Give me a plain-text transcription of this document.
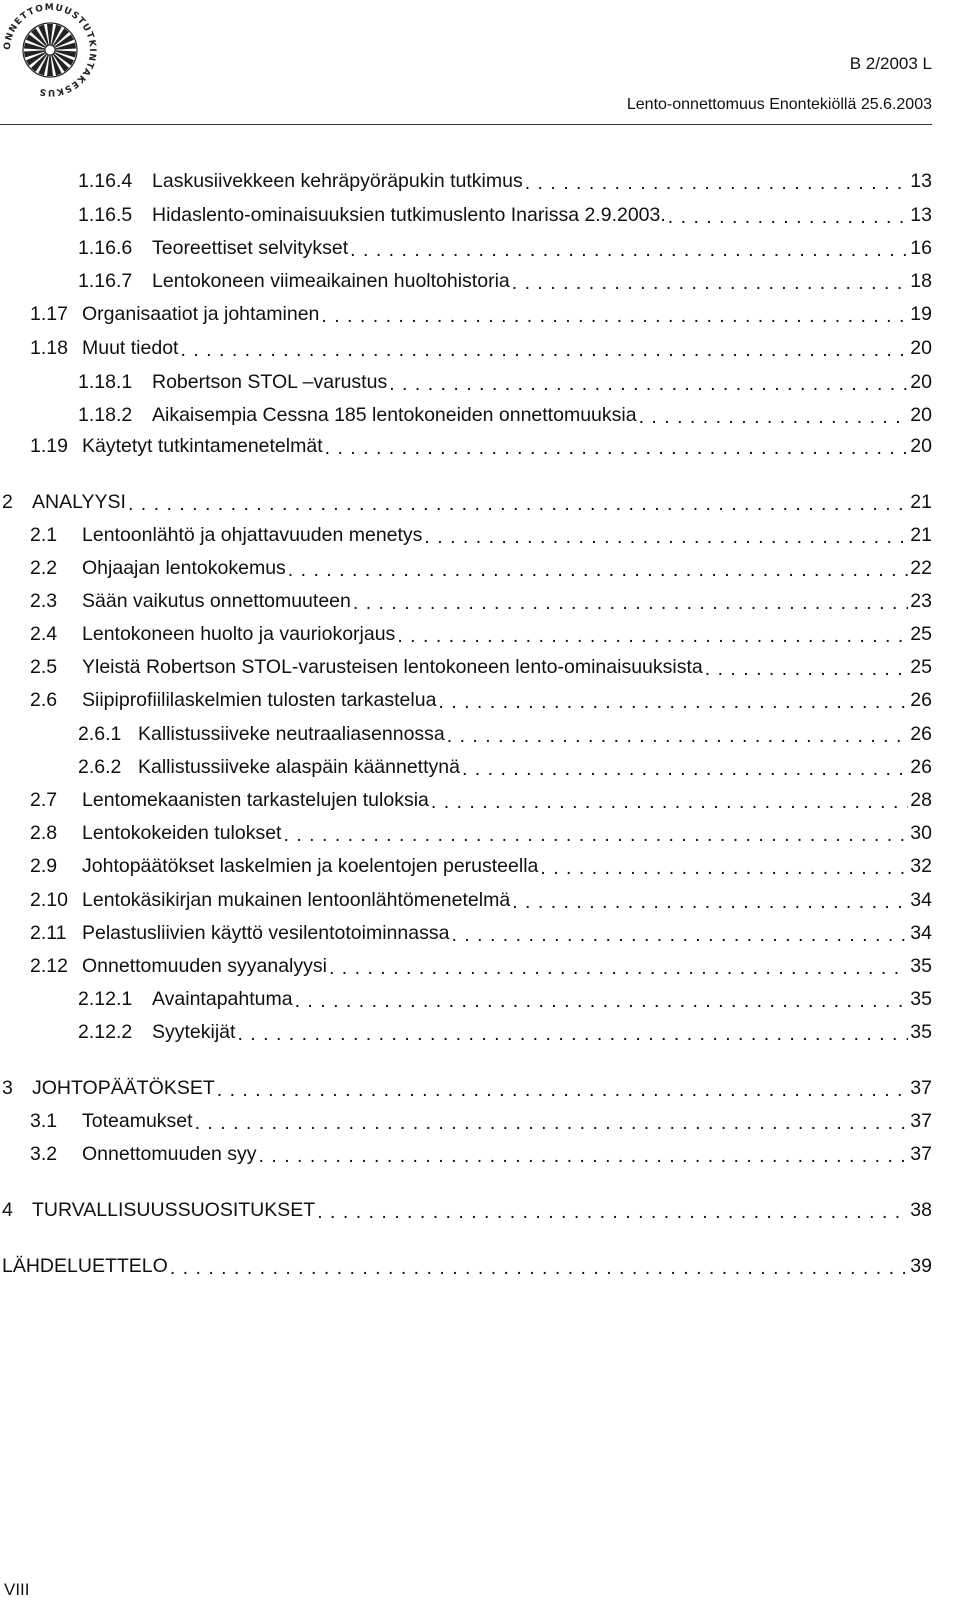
ONNETTOMUUSTUTKINTAKESKUS
B 2/2003 L
Lento-onnettomuus Enontekiöllä 25.6.2003
1.16.4	Laskusiivekkeen kehräpyöräpukin tutkimus . . .	13
1.16.5	Hidaslento-ominaisuuksien tutkimuslento Inarissa 2.9.2003. . . .	13
1.16.6	Teoreettiset selvitykset . . .	16
1.16.7	Lentokoneen viimeaikainen huoltohistoria . . .	18
1.17 Organisaatiot ja johtaminen . . .	19
1.18 Muut tiedot . . .	20
1.18.1	Robertson STOL –varustus . . .	20
1.18.2	Aikaisempia Cessna 185 lentokoneiden onnettomuuksia . . .	20
1.19 Käytetyt tutkintamenetelmät . . .	20
2 ANALYYSI . . .	21
2.1	Lentoonlähtö ja ohjattavuuden menetys . . .	21
2.2	Ohjaajan lentokokemus . . .	22
2.3	Sään vaikutus onnettomuuteen . . .	23
2.4	Lentokoneen huolto ja vauriokorjaus . . .	25
2.5	Yleistä Robertson STOL-varusteisen lentokoneen lento-ominaisuuksista . . .	25
2.6	Siipiprofiililaskelmien tulosten tarkastelua . . .	26
2.6.1 Kallistussiiveke neutraaliasennossa . . .	26
2.6.2 Kallistussiiveke alaspäin käännettynä . . .	26
2.7	Lentomekaanisten tarkastelujen tuloksia . . .	28
2.8	Lentokokeiden tulokset . . .	30
2.9	Johtopäätökset laskelmien ja koelentojen perusteella . . .	32
2.10 Lentokäsikirjan mukainen lentoonlähtömenetelmä . . .	34
2.11 Pelastusliivien käyttö vesilentotoiminnassa . . .	34
2.12 Onnettomuuden syyanalyysi . . .	35
2.12.1	Avaintapahtuma . . .	35
2.12.2	Syytekijät . . .	35
3 JOHTOPÄÄTÖKSET . . .	37
3.1	Toteamukset . . .	37
3.2	Onnettomuuden syy . . .	37
4 TURVALLISUUSSUOSITUKSET . . .	38
LÄHDELUETTELO . . .	39
VIII
